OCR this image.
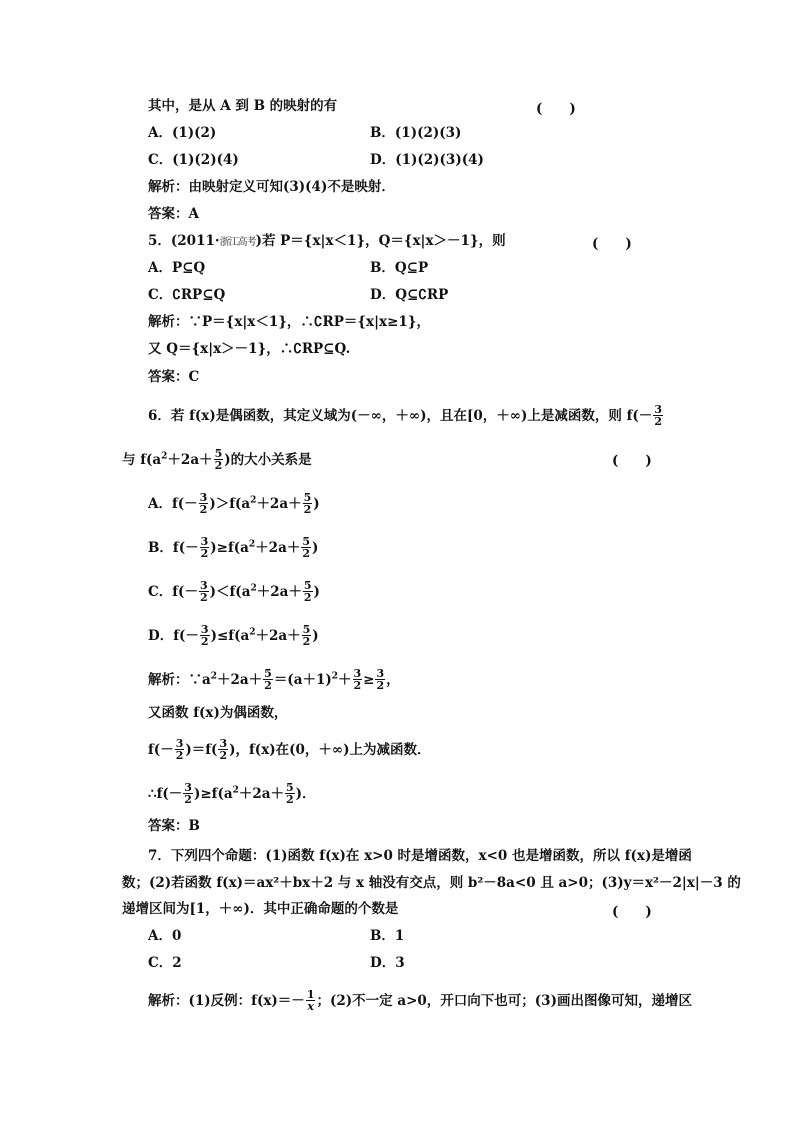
其中，是从 A 到 B 的映射的有	(　　)
A．(1)(2)	B．(1)(2)(3)
C．(1)(2)(4)	D．(1)(2)(3)(4)
解析：由映射定义可知(3)(4)不是映射．
答案：A
5．(2011·浙江高考)若 P＝{x|x＜1}，Q＝{x|x＞－1}，则	(　　)
A．P⊆Q	B．Q⊆P
C．∁RP⊆Q	D．Q⊆∁RP
解析：∵P＝{x|x＜1}，∴∁RP＝{x|x≥1}，
又 Q＝{x|x＞－1}，∴∁RP⊆Q.
答案：C
6．若 f(x)是偶函数，其定义域为(－∞，＋∞)，且在[0，＋∞)上是减函数，则 $f(- \frac{3}{2}$
与 $f(a^2+2a+ \frac{5}{2}$ )的大小关系是	(　　)
A．$f(- \frac{3}{2} )>f(a^2+2a+ \frac{5}{2}$ )
B．$f(- \frac{3}{2} )\ge f(a^2+2a+ \frac{5}{2}$ )
C．$f(- \frac{3}{2} )<f(a^2+2a+ \frac{5}{2}$ )
D．$f(- \frac{3}{2} )\le f(a^2+2a+ \frac{5}{2}$ )
解析：$\because a^2+2a+ \frac{5}{2} =(a+1)^2+ \frac{3}{2} \ge \frac{3}{2}$ ，
又函数 f(x)为偶函数，
$f(- \frac{3}{2} )=f( \frac{3}{2}$ )，f(x)在(0，＋∞)上为减函数．
∴f(－ $\frac{3}{2} )\ge f(a^2+2a+ \frac{5}{2}$ )．
答案：B
7．下列四个命题：(1)函数 f(x)在 x>0 时是增函数，x<0 也是增函数，所以 f(x)是增函
数；(2)若函数 f(x)＝ax²＋bx＋2 与 x 轴没有交点，则 b²－8a<0 且 a>0；(3)y＝x²－2|x|－3 的
递增区间为[1，＋∞)．其中正确命题的个数是	(　　)
A．0	B．1
C．2	D．3
解析：(1)反例：$f(x)=- \frac{1}{x}$ ；(2)不一定 a>0，开口向下也可；(3)画出图像可知，递增区
